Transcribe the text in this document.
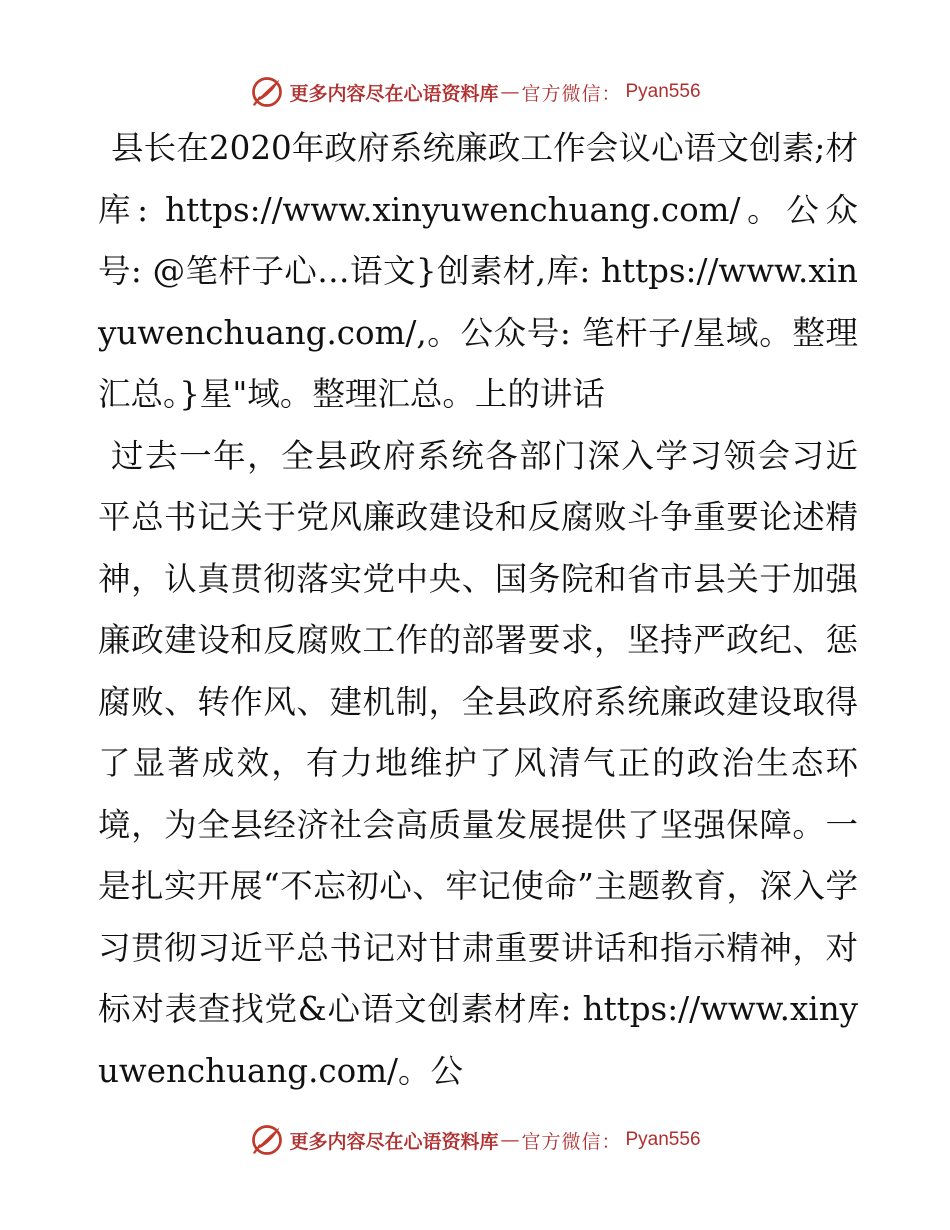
更多内容尽在心语资料库 — 官方微信： Pyan556

县长在2020年政府系统廉政工作会议心语文创素;材库: https://www.xinyuwenchuang.com/。公众号: @笔杆子心…语文}创素材,库: https://www.xinyuwenchuang.com/,。公众号: 笔杆子/星域。整理汇总。}星"域。整理汇总。上的讲话

过去一年，全县政府系统各部门深入学习领会习近平总书记关于党风廉政建设和反腐败斗争重要论述精神，认真贯彻落实党中央、国务院和省市县关于加强廉政建设和反腐败工作的部署要求，坚持严政纪、惩腐败、转作风、建机制，全县政府系统廉政建设取得了显著成效，有力地维护了风清气正的政治生态环境，为全县经济社会高质量发展提供了坚强保障。一是扎实开展“不忘初心、牢记使命”主题教育，深入学习贯彻习近平总书记对甘肃重要讲话和指示精神，对标对表查找党&心语文创素材库: https://www.xinyuwenchuang.com/。公

更多内容尽在心语资料库 — 官方微信： Pyan556
